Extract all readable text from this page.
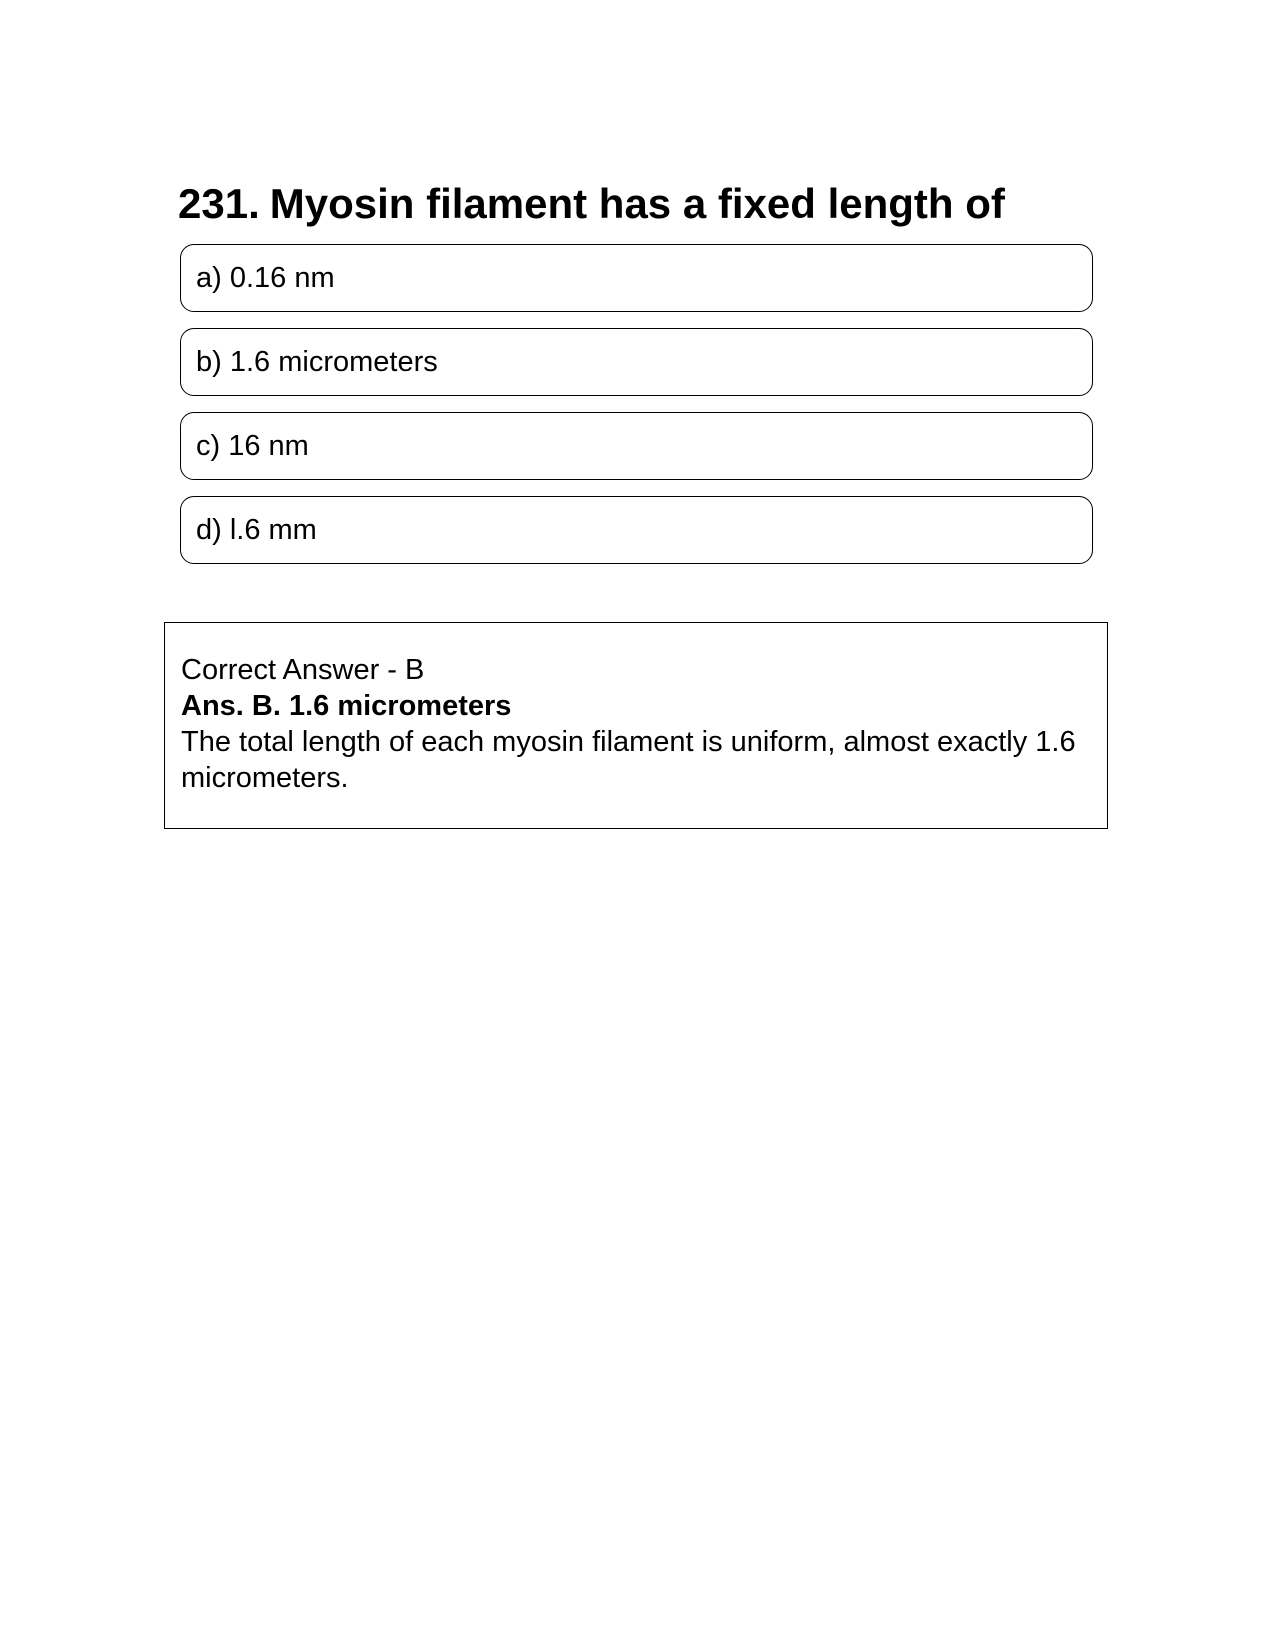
231. Myosin filament has a fixed length of
a) 0.16 nm
b) 1.6 micrometers
c) 16 nm
d) l.6 mm
Correct Answer - B
Ans. B. 1.6 micrometers
The total length of each myosin filament is uniform, almost exactly 1.6 micrometers.
